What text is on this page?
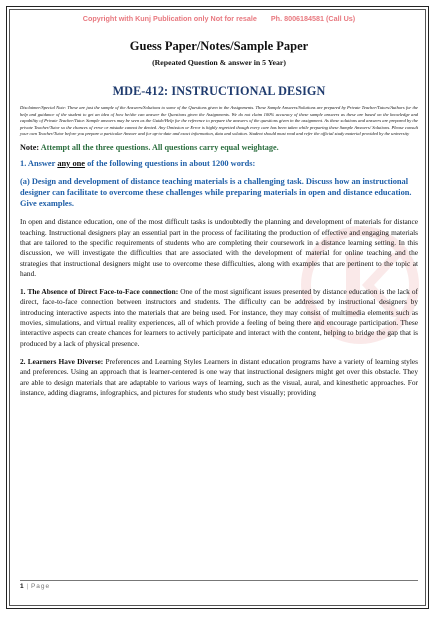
Copyright with Kunj Publication only Not for resale Ph. 8006184581 (Call Us)
Guess Paper/Notes/Sample Paper
(Repeated Question & answer in 5 Year)
MDE-412: INSTRUCTIONAL DESIGN
Disclaimer/Special Note: These are just the sample of the Answers/Solutions to some of the Questions given in the Assignments. These Sample Answers/Solutions are prepared by Private Teacher/Tutors/Authors for the help and guidance of the student to get an idea of how he/she can answer the Questions given the Assignments. We do not claim 100% accuracy of these sample answers as these are based on the knowledge and capability of Private Teacher/Tutor. Sample answers may be seen as the Guide/Help for the reference to prepare the answers of the questions given in the assignment. As these solutions and answers are prepared by the private Teacher/Tutor so the chances of error or mistake cannot be denied. Any Omission or Error is highly regretted though every care has been taken while preparing these Sample Answers/ Solutions. Please consult your own Teacher/Tutor before you prepare a particular Answer and for up-to-date and exact information, data and solution. Student should must read and refer the official study material provided by the university
Note: Attempt all the three questions. All questions carry equal weightage.
1. Answer any one of the following questions in about 1200 words:
(a) Design and development of distance teaching materials is a challenging task. Discuss how an instructional designer can facilitate to overcome these challenges while preparing materials in open and distance education. Give examples.
In open and distance education, one of the most difficult tasks is undoubtedly the planning and development of materials for distance teaching. Instructional designers play an essential part in the process of facilitating the production of effective and engaging materials that are tailored to the specific requirements of students who are completing their coursework in a distance learning setting. In this discussion, we will investigate the difficulties that are associated with the development of material for online teaching and the strategies that instructional designers might use to overcome these difficulties, along with examples that are pertinent to the topic at hand.
1. The Absence of Direct Face-to-Face connection: One of the most significant issues presented by distance education is the lack of direct, face-to-face connection between instructors and students. The difficulty can be addressed by instructional designers by introducing interactive aspects into the materials that are being used. For instance, they may consist of multimedia elements such as movies, simulations, and virtual reality experiences, all of which provide a feeling of being there and encourage participation. These interactive aspects can create chances for learners to actively participate and interact with the content, helping to bridge the gap that is produced by a lack of physical presence.
2. Learners Have Diverse: Preferences and Learning Styles Learners in distant education programs have a variety of learning styles and preferences. Using an approach that is learner-centered is one way that instructional designers might get over this obstacle. They are able to design materials that are adaptable to various ways of learning, such as the visual, aural, and kinesthetic approaches. For instance, adding diagrams, infographics, and pictures for students who study best visually; providing
1 | Page
